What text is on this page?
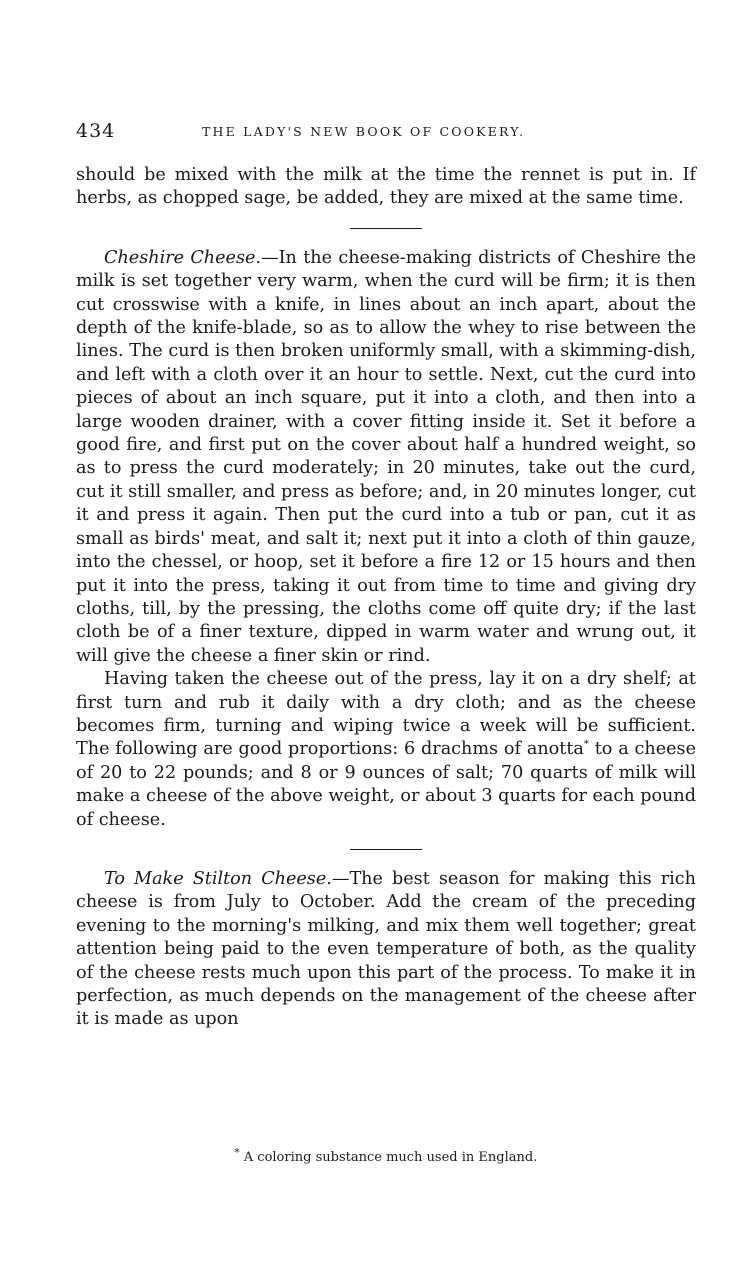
434	THE LADY'S NEW BOOK OF COOKERY.

should be mixed with the milk at the time the rennet is put in. If herbs, as chopped sage, be added, they are mixed at the same time.

Cheshire Cheese.—In the cheese-making districts of Cheshire the milk is set together very warm, when the curd will be firm; it is then cut crosswise with a knife, in lines about an inch apart, about the depth of the knife-blade, so as to allow the whey to rise between the lines. The curd is then broken uniformly small, with a skimming-dish, and left with a cloth over it an hour to settle. Next, cut the curd into pieces of about an inch square, put it into a cloth, and then into a large wooden drainer, with a cover fitting inside it. Set it before a good fire, and first put on the cover about half a hundred weight, so as to press the curd moderately; in 20 minutes, take out the curd, cut it still smaller, and press as before; and, in 20 minutes longer, cut it and press it again. Then put the curd into a tub or pan, cut it as small as birds' meat, and salt it; next put it into a cloth of thin gauze, into the chessel, or hoop, set it before a fire 12 or 15 hours and then put it into the press, taking it out from time to time and giving dry cloths, till, by the pressing, the cloths come off quite dry; if the last cloth be of a finer texture, dipped in warm water and wrung out, it will give the cheese a finer skin or rind.

Having taken the cheese out of the press, lay it on a dry shelf; at first turn and rub it daily with a dry cloth; and as the cheese becomes firm, turning and wiping twice a week will be sufficient. The following are good proportions: 6 drachms of anotta* to a cheese of 20 to 22 pounds; and 8 or 9 ounces of salt; 70 quarts of milk will make a cheese of the above weight, or about 3 quarts for each pound of cheese.

To Make Stilton Cheese.—The best season for making this rich cheese is from July to October. Add the cream of the preceding evening to the morning's milking, and mix them well together; great attention being paid to the even temperature of both, as the quality of the cheese rests much upon this part of the process. To make it in perfection, as much depends on the management of the cheese after it is made as upon

* A coloring substance much used in England.
